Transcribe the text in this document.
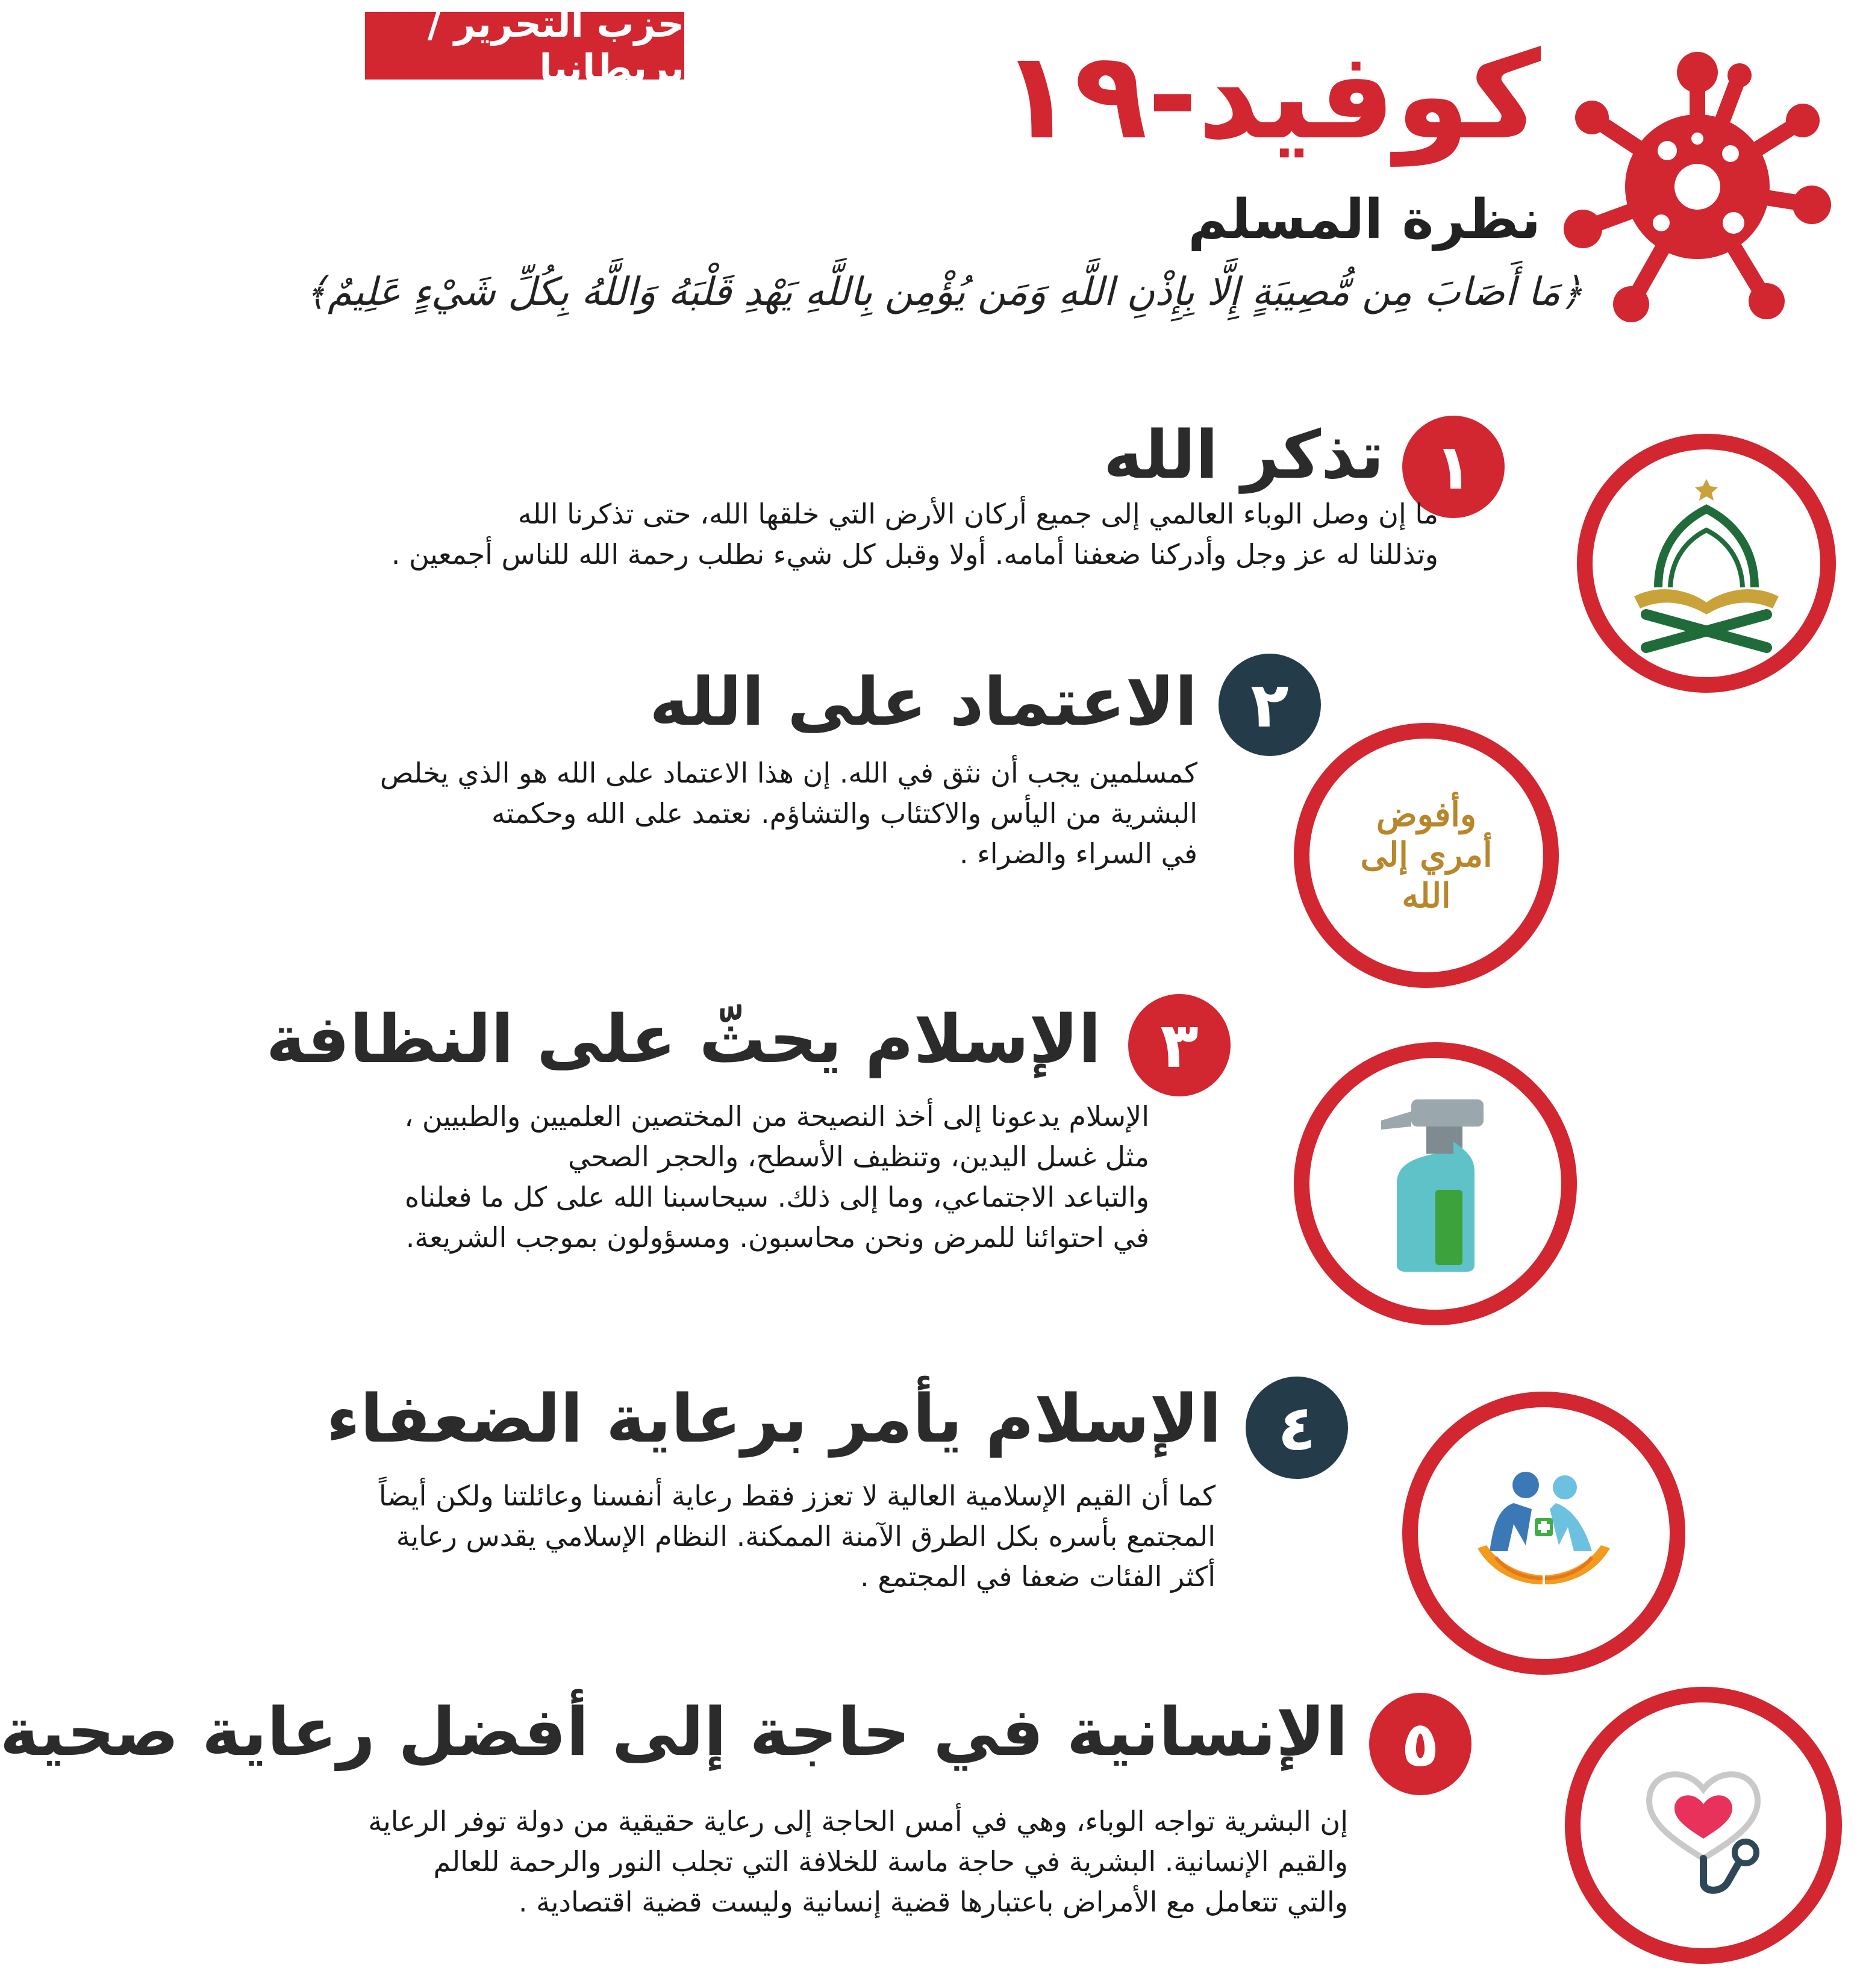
حزب التحرير / بريطانيا	كوفيد-١٩
نظرة المسلم
﴿مَا أَصَابَ مِن مُّصِيبَةٍ إِلَّا بِإِذْنِ اللَّهِ وَمَن يُؤْمِن بِاللَّهِ يَهْدِ قَلْبَهُ وَاللَّهُ بِكُلِّ شَيْءٍ عَلِيمٌ﴾
١
تذكر الله
ما إن وصل الوباء العالمي إلى جميع أركان الأرض التي خلقها الله، حتى تذكرنا الله
وتذللنا له عز وجل وأدركنا ضعفنا أمامه. أولا وقبل كل شيء نطلب رحمة الله للناس أجمعين .
٢
الاعتماد على الله
كمسلمين يجب أن نثق في الله. إن هذا الاعتماد على الله هو الذي يخلص
البشرية من اليأس والاكتئاب والتشاؤم. نعتمد على الله وحكمته
في السراء والضراء .
وأفوض أمري إلى الله
٣
الإسلام يحثّ على النظافة
الإسلام يدعونا إلى أخذ النصيحة من المختصين العلميين والطبيين ،
مثل غسل اليدين، وتنظيف الأسطح، والحجر الصحي
والتباعد الاجتماعي، وما إلى ذلك. سيحاسبنا الله على كل ما فعلناه
في احتوائنا للمرض ونحن محاسبون. ومسؤولون بموجب الشريعة.
٤
الإسلام يأمر برعاية الضعفاء
كما أن القيم الإسلامية العالية لا تعزز فقط رعاية أنفسنا وعائلتنا ولكن أيضاً
المجتمع بأسره بكل الطرق الآمنة الممكنة. النظام الإسلامي يقدس رعاية
أكثر الفئات ضعفا في المجتمع .
٥
الإنسانية في حاجة إلى أفضل رعاية صحية
إن البشرية تواجه الوباء، وهي في أمس الحاجة إلى رعاية حقيقية من دولة توفر الرعاية
والقيم الإنسانية. البشرية في حاجة ماسة للخلافة التي تجلب النور والرحمة للعالم
والتي تتعامل مع الأمراض باعتبارها قضية إنسانية وليست قضية اقتصادية .
